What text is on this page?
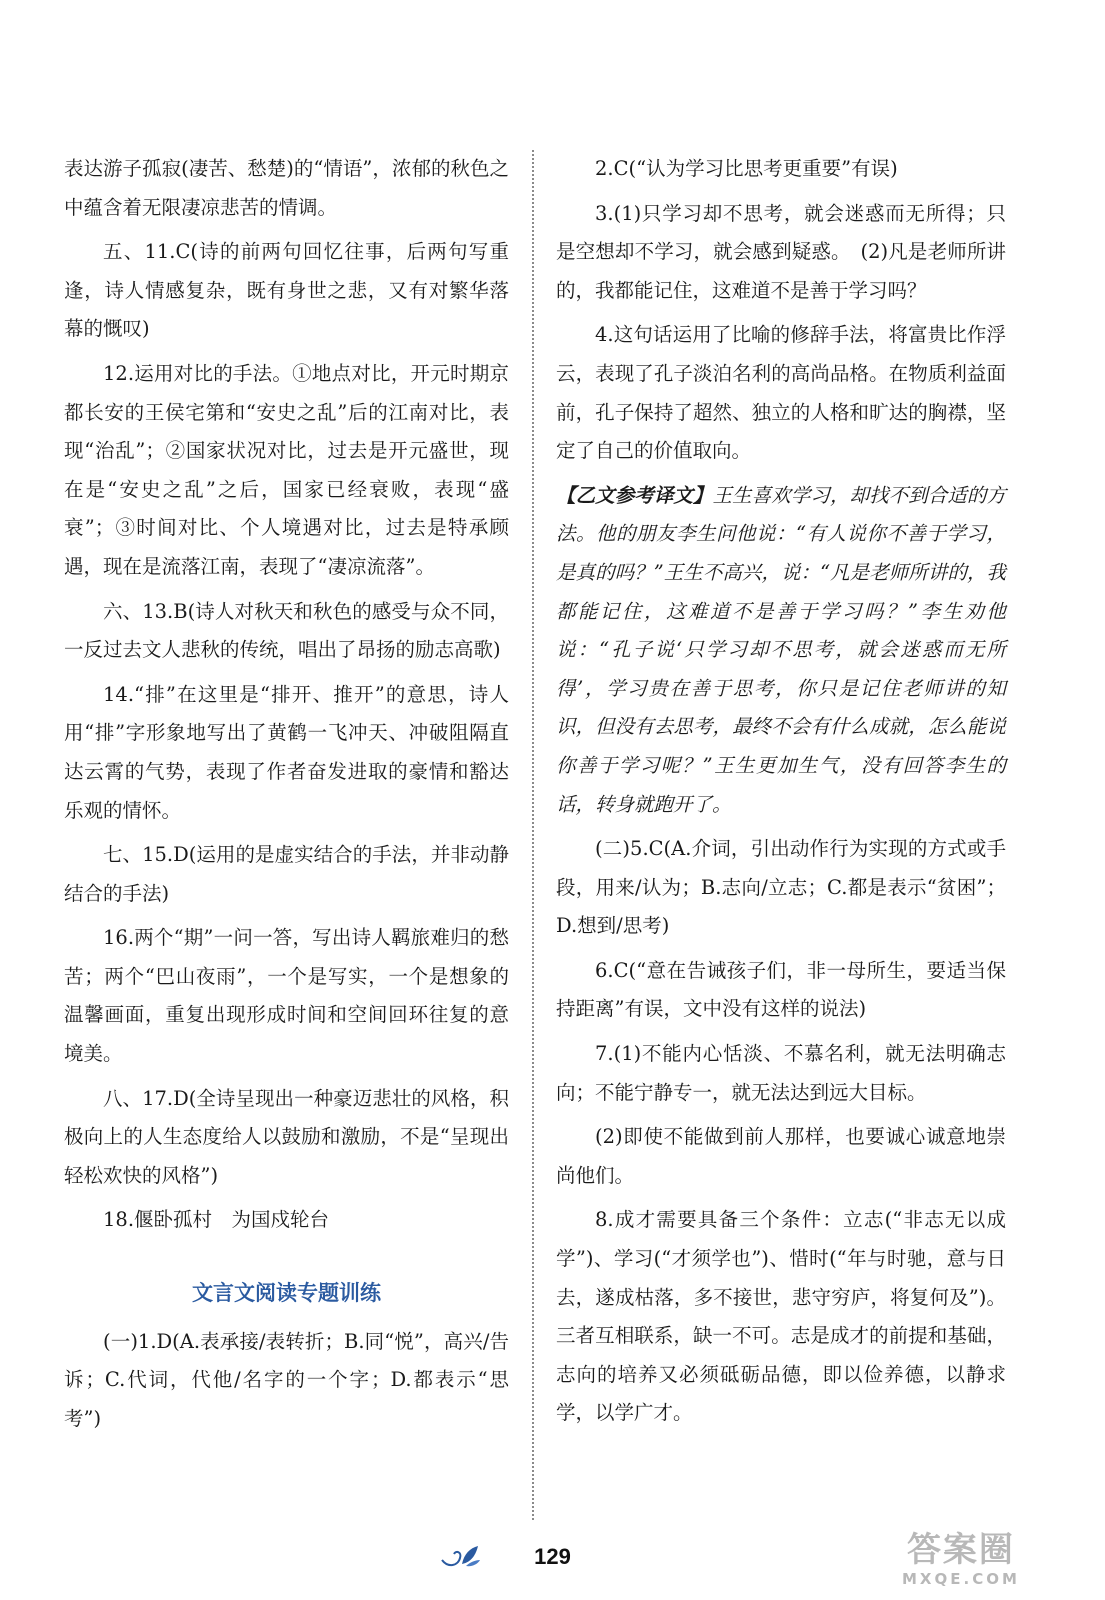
表达游子孤寂(凄苦、愁楚)的“情语”，浓郁的秋色之中蕴含着无限凄凉悲苦的情调。

五、11.C(诗的前两句回忆往事，后两句写重逢，诗人情感复杂，既有身世之悲，又有对繁华落幕的慨叹)

12.运用对比的手法。①地点对比，开元时期京都长安的王侯宅第和“安史之乱”后的江南对比，表现“治乱”；②国家状况对比，过去是开元盛世，现在是“安史之乱”之后，国家已经衰败，表现“盛衰”；③时间对比、个人境遇对比，过去是特承顾遇，现在是流落江南，表现了“凄凉流落”。

六、13.B(诗人对秋天和秋色的感受与众不同，一反过去文人悲秋的传统，唱出了昂扬的励志高歌)

14.“排”在这里是“排开、推开”的意思，诗人用“排”字形象地写出了黄鹤一飞冲天、冲破阻隔直达云霄的气势，表现了作者奋发进取的豪情和豁达乐观的情怀。

七、15.D(运用的是虚实结合的手法，并非动静结合的手法)

16.两个“期”一问一答，写出诗人羁旅难归的愁苦；两个“巴山夜雨”，一个是写实，一个是想象的温馨画面，重复出现形成时间和空间回环往复的意境美。

八、17.D(全诗呈现出一种豪迈悲壮的风格，积极向上的人生态度给人以鼓励和激励，不是“呈现出轻松欢快的风格”)

18.偃卧孤村　为国戍轮台

文言文阅读专题训练

(一)1.D(A.表承接/表转折；B.同“悦”，高兴/告诉；C.代词，代他/名字的一个字；D.都表示“思考”)

2.C(“认为学习比思考更重要”有误)

3.(1)只学习却不思考，就会迷惑而无所得；只是空想却不学习，就会感到疑惑。　(2)凡是老师所讲的，我都能记住，这难道不是善于学习吗？

4.这句话运用了比喻的修辞手法，将富贵比作浮云，表现了孔子淡泊名利的高尚品格。在物质利益面前，孔子保持了超然、独立的人格和旷达的胸襟，坚定了自己的价值取向。

【乙文参考译文】王生喜欢学习，却找不到合适的方法。他的朋友李生问他说：“有人说你不善于学习，是真的吗？”王生不高兴，说：“凡是老师所讲的，我都能记住，这难道不是善于学习吗？”李生劝他说：“孔子说‘只学习却不思考，就会迷惑而无所得’，学习贵在善于思考，你只是记住老师讲的知识，但没有去思考，最终不会有什么成就，怎么能说你善于学习呢？”王生更加生气，没有回答李生的话，转身就跑开了。

(二)5.C(A.介词，引出动作行为实现的方式或手段，用来/认为；B.志向/立志；C.都是表示“贫困”；D.想到/思考)

6.C(“意在告诫孩子们，非一母所生，要适当保持距离”有误，文中没有这样的说法)

7.(1)不能内心恬淡、不慕名利，就无法明确志向；不能宁静专一，就无法达到远大目标。

(2)即使不能做到前人那样，也要诚心诚意地崇尚他们。

8.成才需要具备三个条件：立志(“非志无以成学”)、学习(“才须学也”)、惜时(“年与时驰，意与日去，遂成枯落，多不接世，悲守穷庐，将复何及”)。三者互相联系，缺一不可。志是成才的前提和基础，志向的培养又必须砥砺品德，即以俭养德，以静求学，以学广才。

129	答案圈
MXQE.COM
